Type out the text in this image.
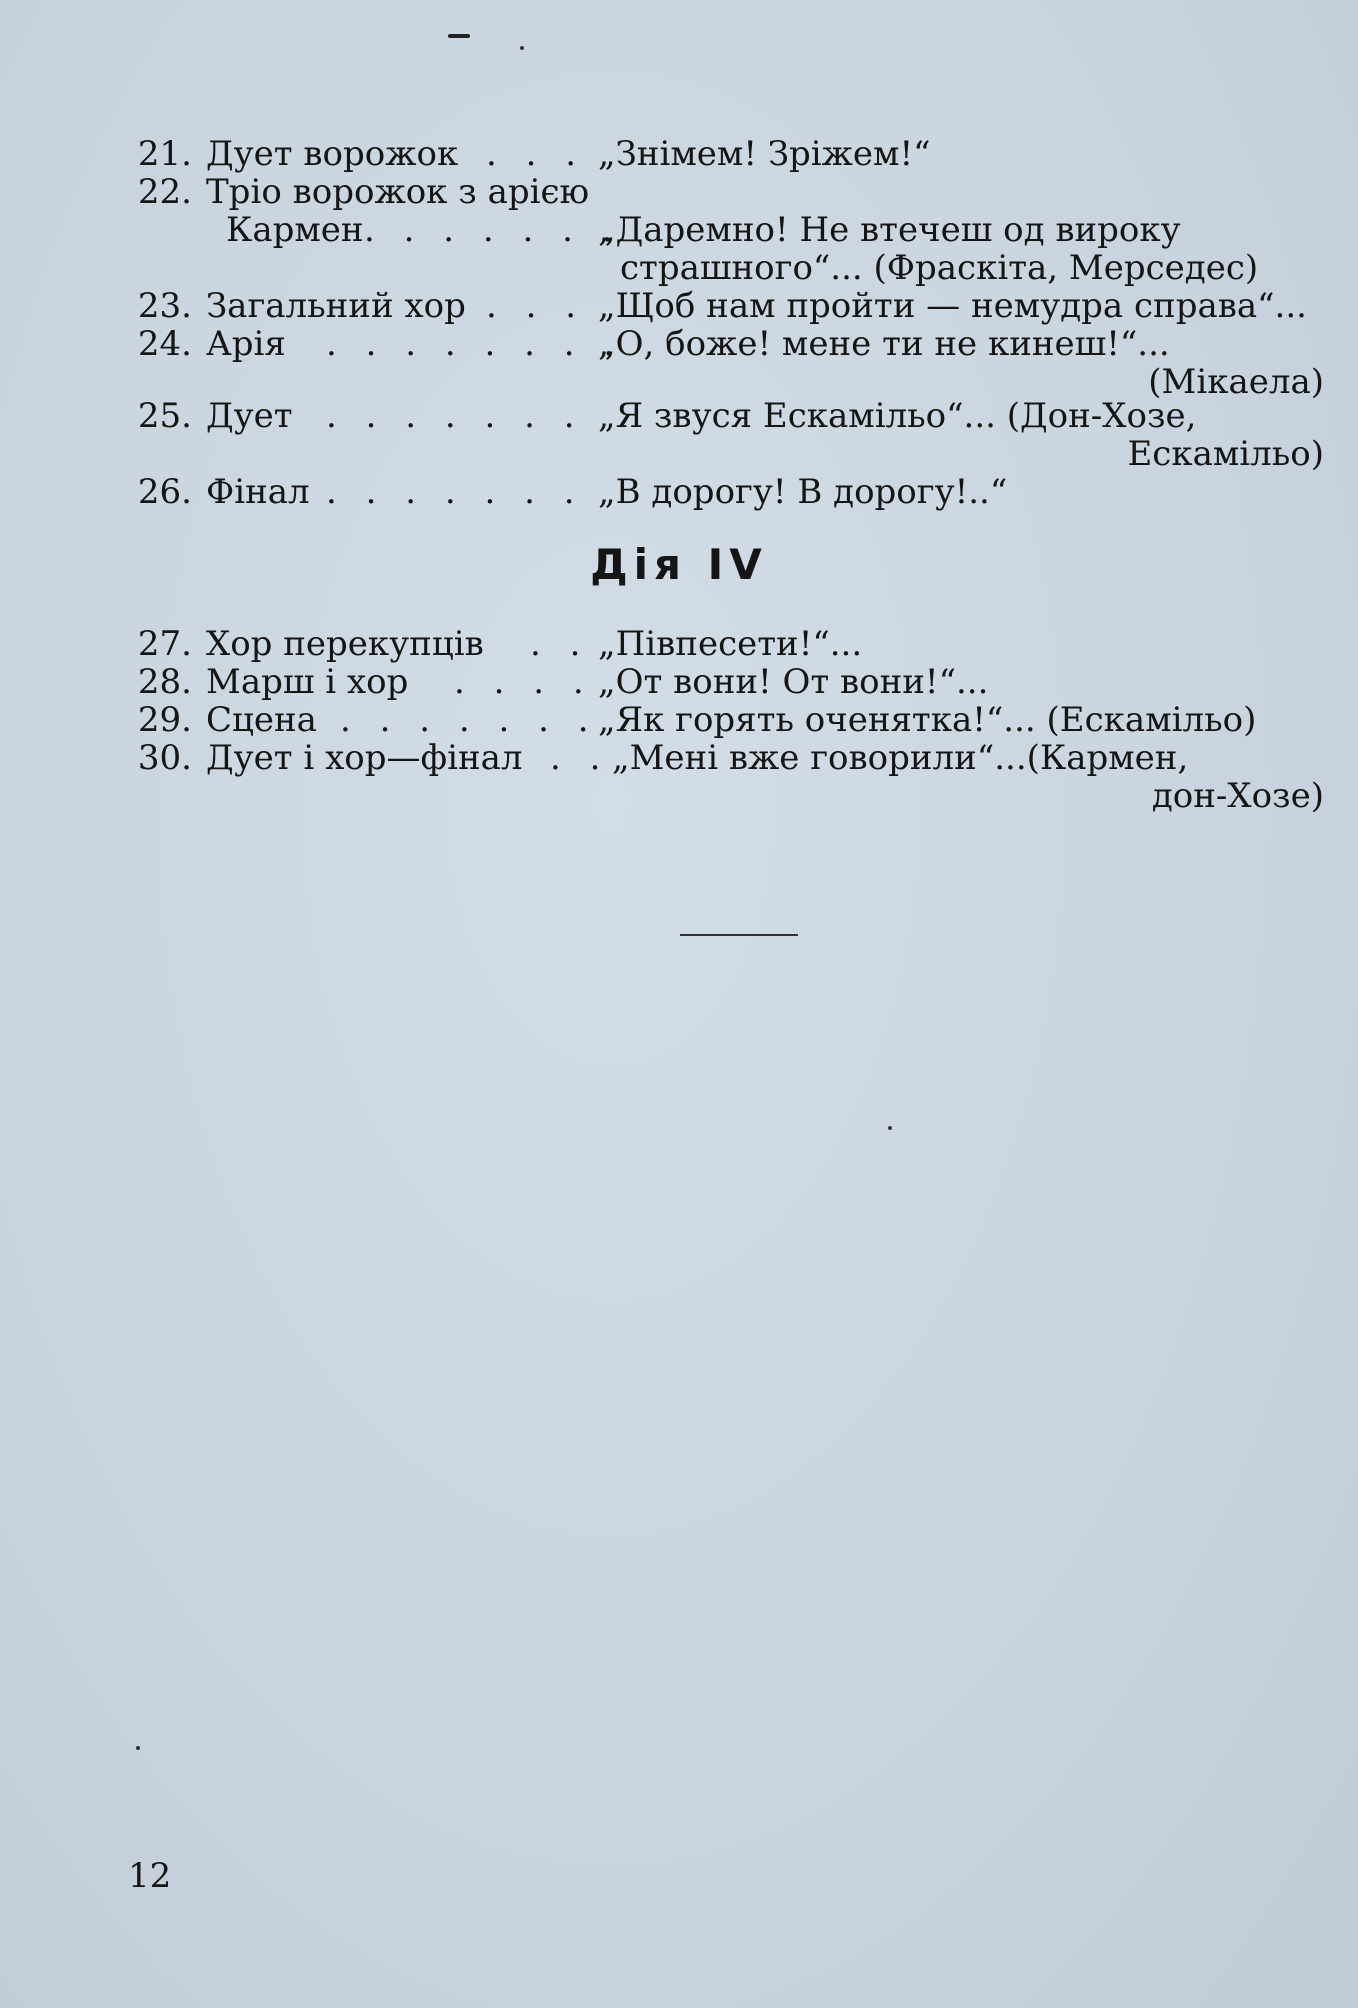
21. Дует ворожок . . . „Знімем! Зріжем!“
22. Тріо ворожок з арією
Кармен . . . . . . .
„Даремно! Не втечеш од вироку
страшного“... (Фраскіта, Мерседес)
23. Загальний хор . . . „Щоб нам пройти — немудра справа“...
24. Арія . . . . . . . .
„О, боже! мене ти не кинеш!“...
(Мікаела)
25. Дует . . . . . . . „Я звуся Ескамільо“... (Дон-Хозе,
Ескамільо)
26. Фінал . . . . . . . „В дорогу! В дорогу!..“
Дія IV
27. Хор перекупців . . „Півпесети!“...
28. Марш і хор . . . . „От вони! От вони!“...
29. Сцена . . . . . . . „Як горять оченятка!“... (Ескамільо)
30. Дует і хор—фінал . . „Мені вже говорили“...(Кармен,
дон-Хозе)
12
